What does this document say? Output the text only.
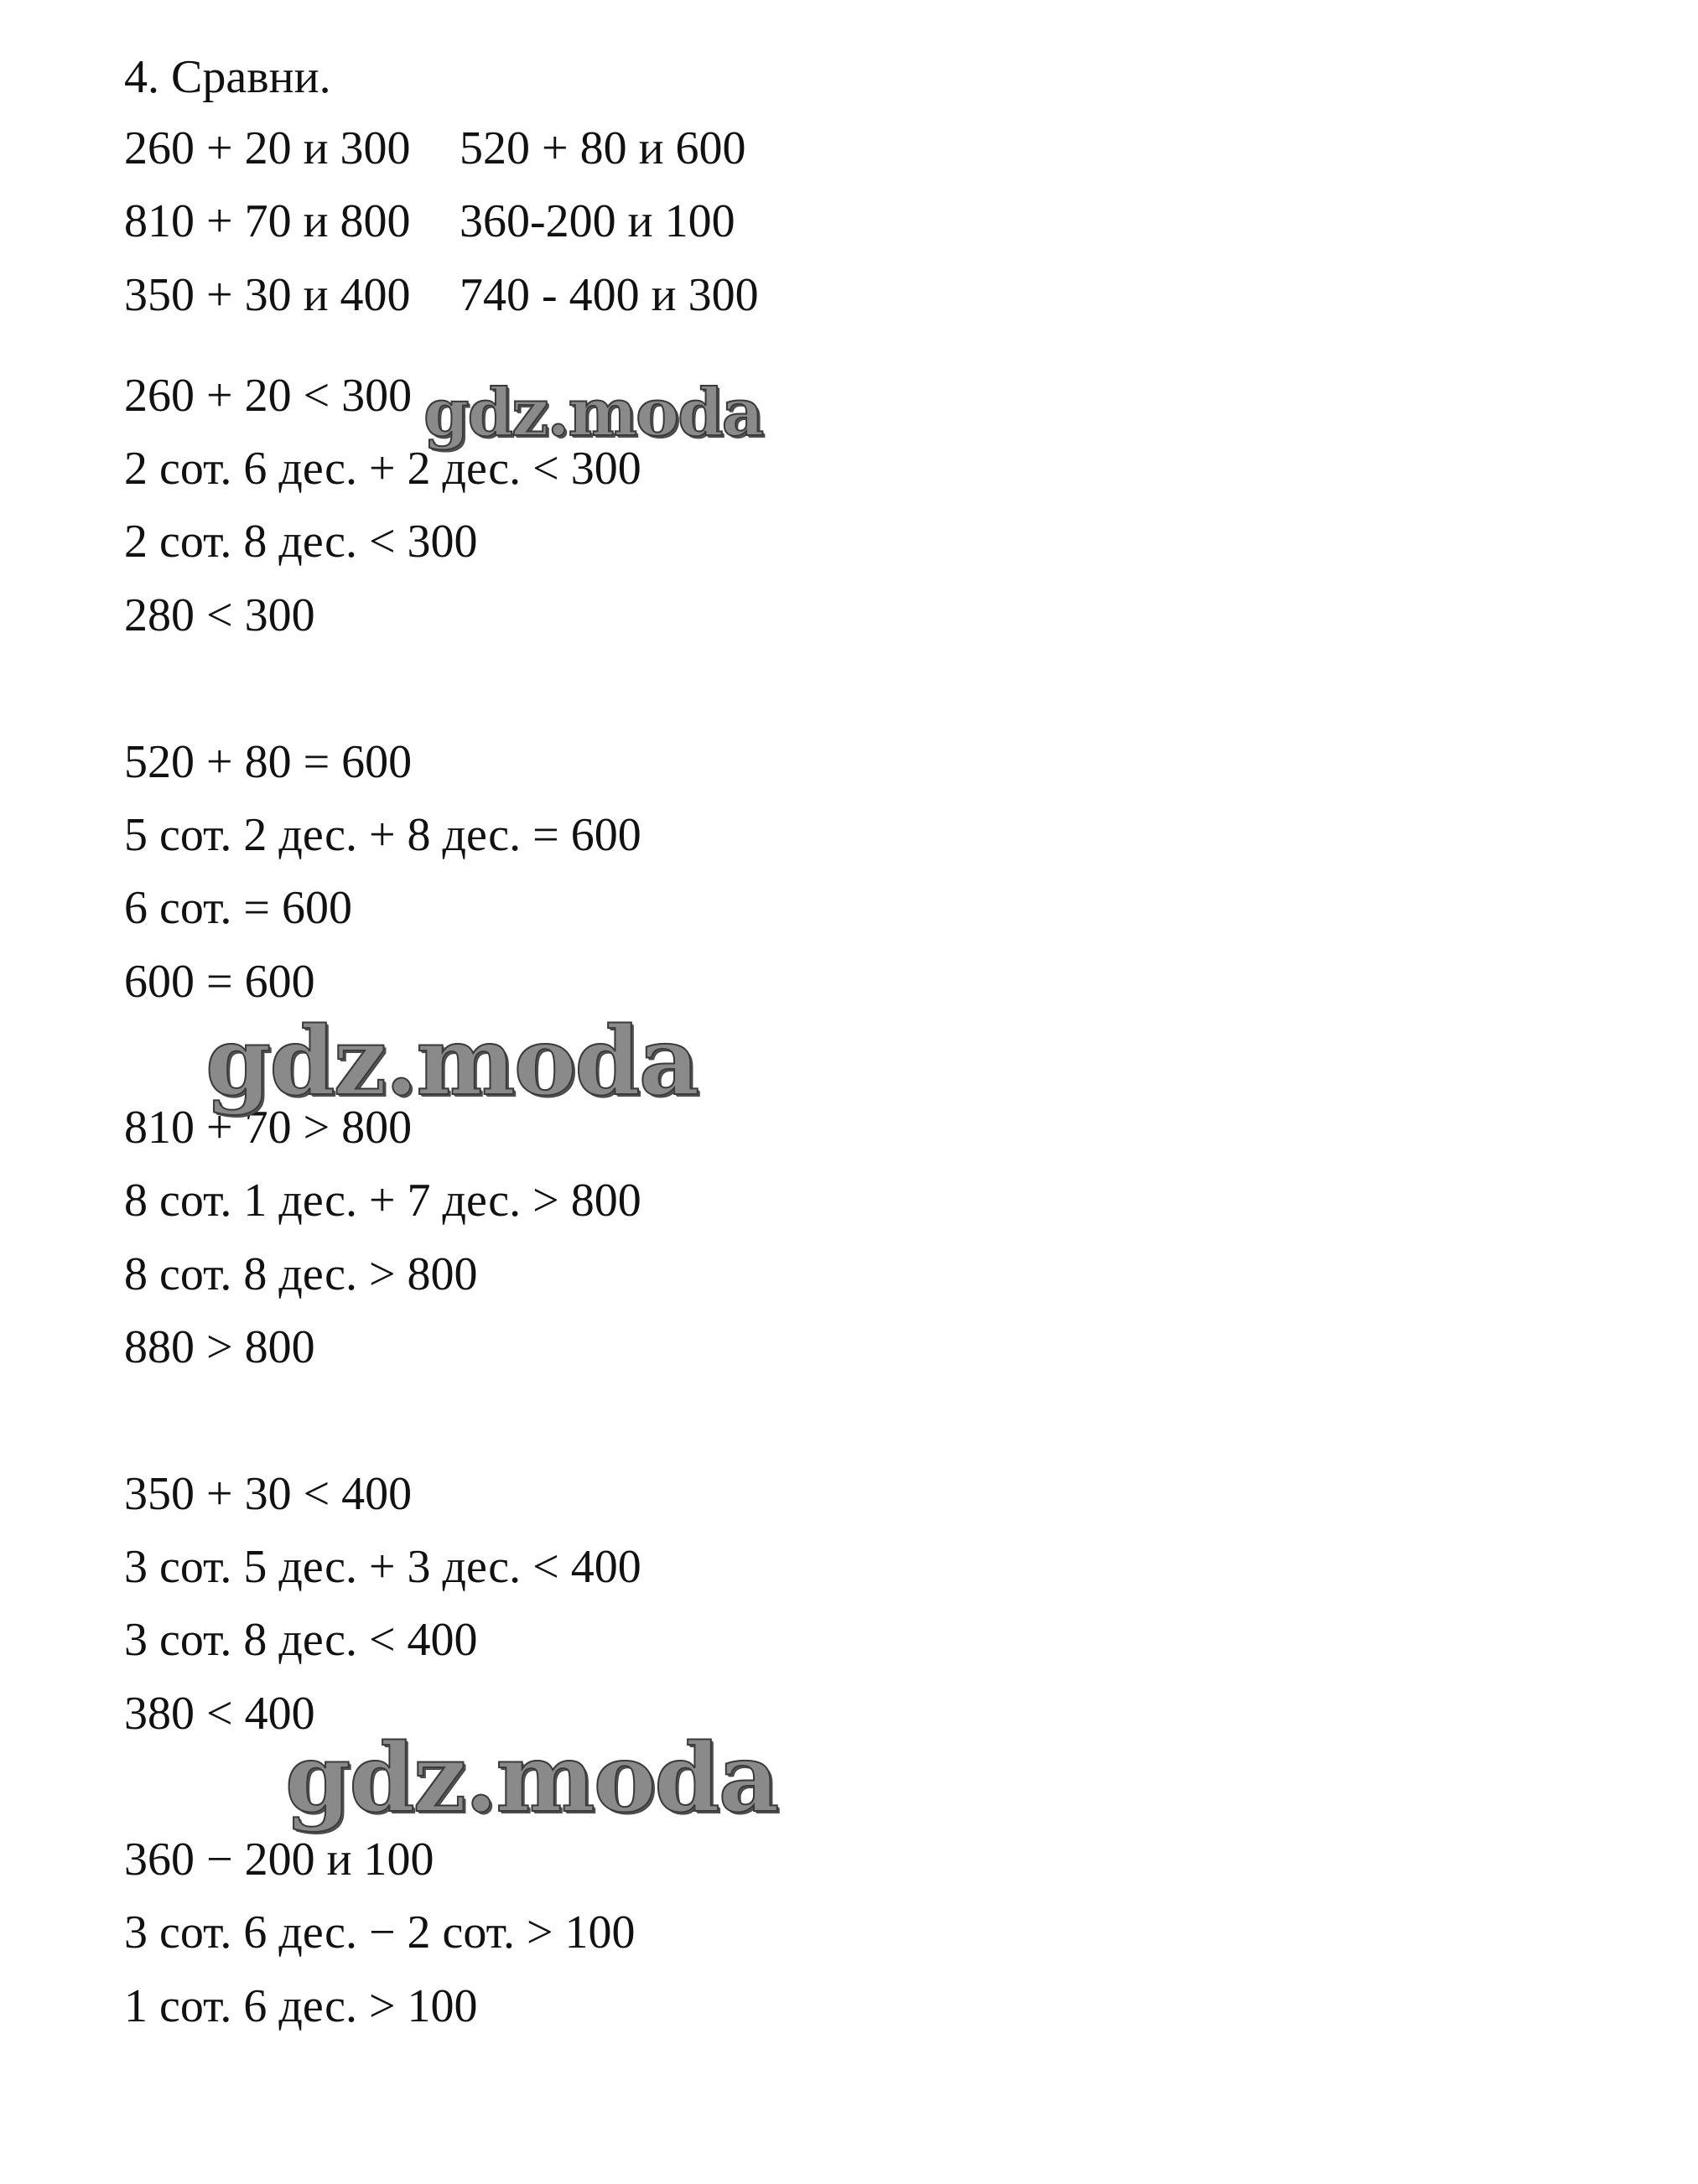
4. Сравни.
260 + 20 и 300 520 + 80 и 600
810 + 70 и 800 360-200 и 100
350 + 30 и 400 740 - 400 и 300
260 + 20 < 300
2 сот. 6 дес. + 2 дес. < 300
2 сот. 8 дес. < 300
280 < 300
520 + 80 = 600
5 сот. 2 дес. + 8 дес. = 600
6 сот. = 600
600 = 600
810 + 70 > 800
8 сот. 1 дес. + 7 дес. > 800
8 сот. 8 дес. > 800
880 > 800
350 + 30 < 400
3 сот. 5 дес. + 3 дес. < 400
3 сот. 8 дес. < 400
380 < 400
360 − 200 и 100
3 сот. 6 дес. − 2 сот. > 100
1 сот. 6 дес. > 100
gdz.moda
gdz.moda
gdz.moda
